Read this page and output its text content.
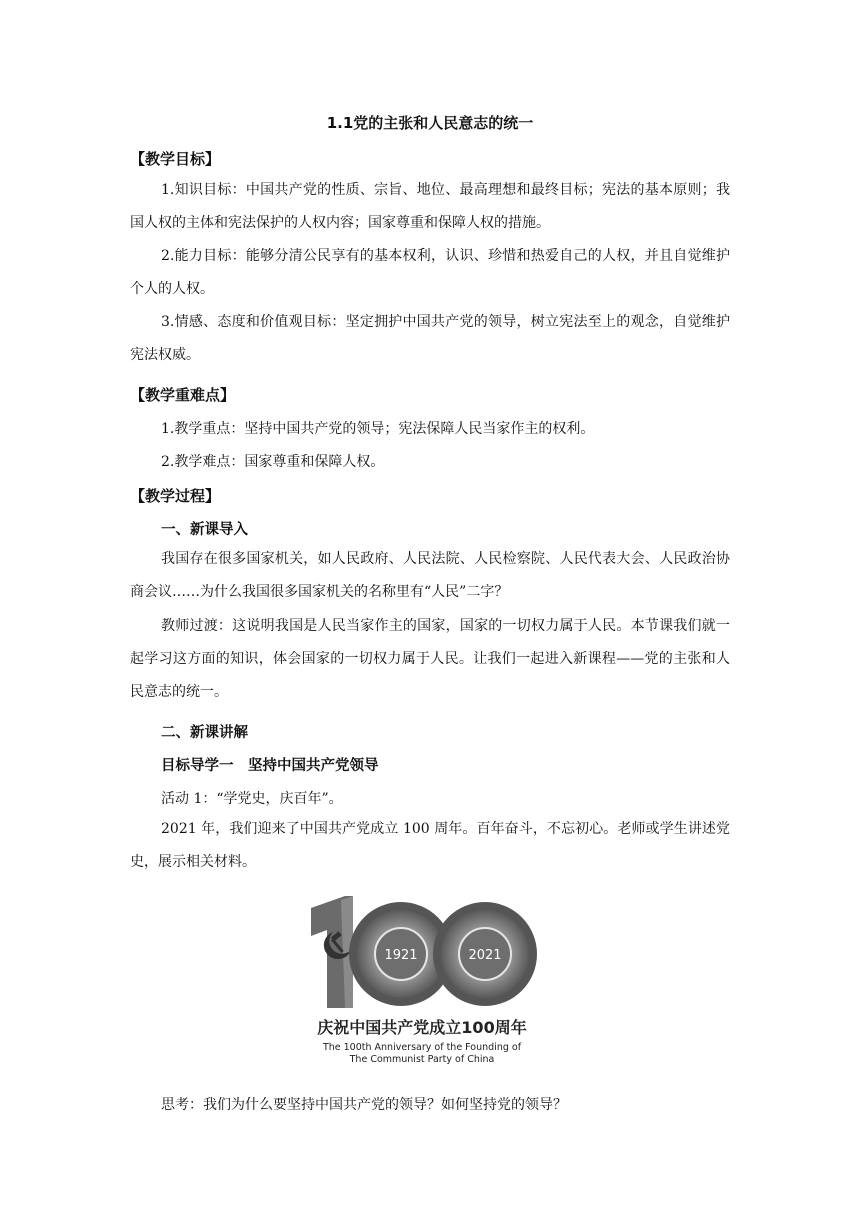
1.1党的主张和人民意志的统一
【教学目标】
1.知识目标：中国共产党的性质、宗旨、地位、最高理想和最终目标；宪法的基本原则；我国人权的主体和宪法保护的人权内容；国家尊重和保障人权的措施。
2.能力目标：能够分清公民享有的基本权利，认识、珍惜和热爱自己的人权，并且自觉维护个人的人权。
3.情感、态度和价值观目标：坚定拥护中国共产党的领导，树立宪法至上的观念，自觉维护宪法权威。
【教学重难点】
1.教学重点：坚持中国共产党的领导；宪法保障人民当家作主的权利。
2.教学难点：国家尊重和保障人权。
【教学过程】
一、新课导入
我国存在很多国家机关，如人民政府、人民法院、人民检察院、人民代表大会、人民政治协商会议……为什么我国很多国家机关的名称里有“人民”二字？
教师过渡：这说明我国是人民当家作主的国家，国家的一切权力属于人民。本节课我们就一起学习这方面的知识，体会国家的一切权力属于人民。让我们一起进入新课程——党的主张和人民意志的统一。
二、新课讲解
目标导学一　坚持中国共产党领导
活动 1：“学党史，庆百年”。
2021 年，我们迎来了中国共产党成立 100 周年。百年奋斗，不忘初心。老师或学生讲述党史，展示相关材料。
1921	2021
庆祝中国共产党成立100周年
The 100th Anniversary of the Founding of
The Communist Party of China
思考：我们为什么要坚持中国共产党的领导？如何坚持党的领导？
